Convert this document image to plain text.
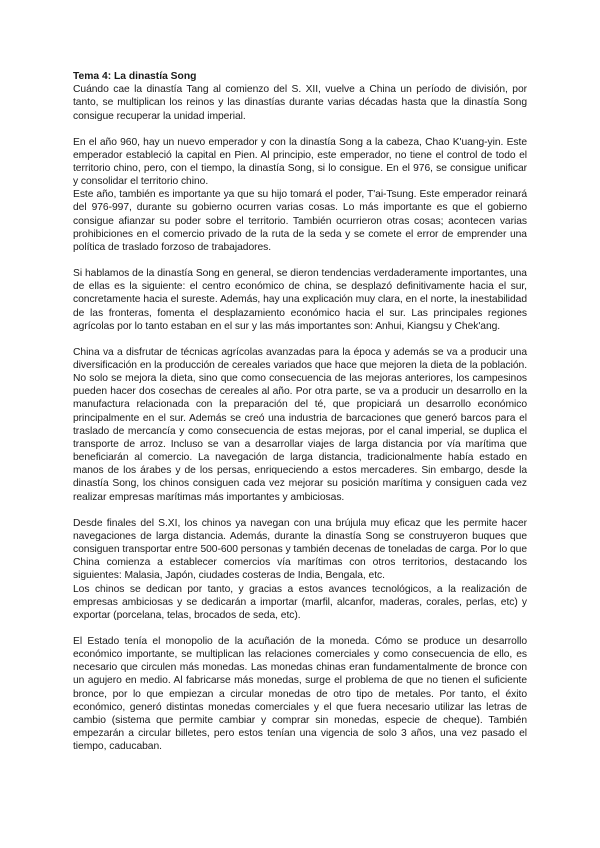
Tema 4: La dinastía Song

Cuándo cae la dinastía Tang al comienzo del S. XII, vuelve a China un período de división, por tanto, se multiplican los reinos y las dinastías durante varias décadas hasta que la dinastía Song consigue recuperar la unidad imperial.

En el año 960, hay un nuevo emperador y con la dinastía Song a la cabeza, Chao K'uang-yin. Este emperador estableció la capital en Pien. Al principio, este emperador, no tiene el control de todo el territorio chino, pero, con el tiempo, la dinastía Song, si lo consigue. En el 976, se consigue unificar y consolidar el territorio chino.

Este año, también es importante ya que su hijo tomará el poder, T'ai-Tsung. Este emperador reinará del 976-997, durante su gobierno ocurren varias cosas. Lo más importante es que el gobierno consigue afianzar su poder sobre el territorio. También ocurrieron otras cosas; acontecen varias prohibiciones en el comercio privado de la ruta de la seda y se comete el error de emprender una política de traslado forzoso de trabajadores.

Si hablamos de la dinastía Song en general, se dieron tendencias verdaderamente importantes, una de ellas es la siguiente: el centro económico de china, se desplazó definitivamente hacia el sur, concretamente hacia el sureste. Además, hay una explicación muy clara, en el norte, la inestabilidad de las fronteras, fomenta el desplazamiento económico hacia el sur. Las principales regiones agrícolas por lo tanto estaban en el sur y las más importantes son: Anhui, Kiangsu y Chek'ang.

China va a disfrutar de técnicas agrícolas avanzadas para la época y además se va a producir una diversificación en la producción de cereales variados que hace que mejoren la dieta de la población. No solo se mejora la dieta, sino que como consecuencia de las mejoras anteriores, los campesinos pueden hacer dos cosechas de cereales al año. Por otra parte, se va a producir un desarrollo en la manufactura relacionada con la preparación del té, que propiciará un desarrollo económico principalmente en el sur. Además se creó una industria de barcaciones que generó barcos para el traslado de mercancía y como consecuencia de estas mejoras, por el canal imperial, se duplica el transporte de arroz. Incluso se van a desarrollar viajes de larga distancia por vía marítima que beneficiarán al comercio. La navegación de larga distancia, tradicionalmente había estado en manos de los árabes y de los persas, enriqueciendo a estos mercaderes. Sin embargo, desde la dinastía Song, los chinos consiguen cada vez mejorar su posición marítima y consiguen cada vez realizar empresas marítimas más importantes y ambiciosas.

Desde finales del S.XI, los chinos ya navegan con una brújula muy eficaz que les permite hacer navegaciones de larga distancia. Además, durante la dinastía Song se construyeron buques que consiguen transportar entre 500-600 personas y también decenas de toneladas de carga. Por lo que China comienza a establecer comercios vía marítimas con otros territorios, destacando los siguientes: Malasia, Japón, ciudades costeras de India, Bengala, etc.

Los chinos se dedican por tanto, y gracias a estos avances tecnológicos, a la realización de empresas ambiciosas y se dedicarán a importar (marfil, alcanfor, maderas, corales, perlas, etc) y exportar (porcelana, telas, brocados de seda, etc).

El Estado tenía el monopolio de la acuñación de la moneda. Cómo se produce un desarrollo económico importante, se multiplican las relaciones comerciales y como consecuencia de ello, es necesario que circulen más monedas. Las monedas chinas eran fundamentalmente de bronce con un agujero en medio. Al fabricarse más monedas, surge el problema de que no tienen el suficiente bronce, por lo que empiezan a circular monedas de otro tipo de metales. Por tanto, el éxito económico, generó distintas monedas comerciales y el que fuera necesario utilizar las letras de cambio (sistema que permite cambiar y comprar sin monedas, especie de cheque). También empezarán a circular billetes, pero estos tenían una vigencia de solo 3 años, una vez pasado el tiempo, caducaban.
